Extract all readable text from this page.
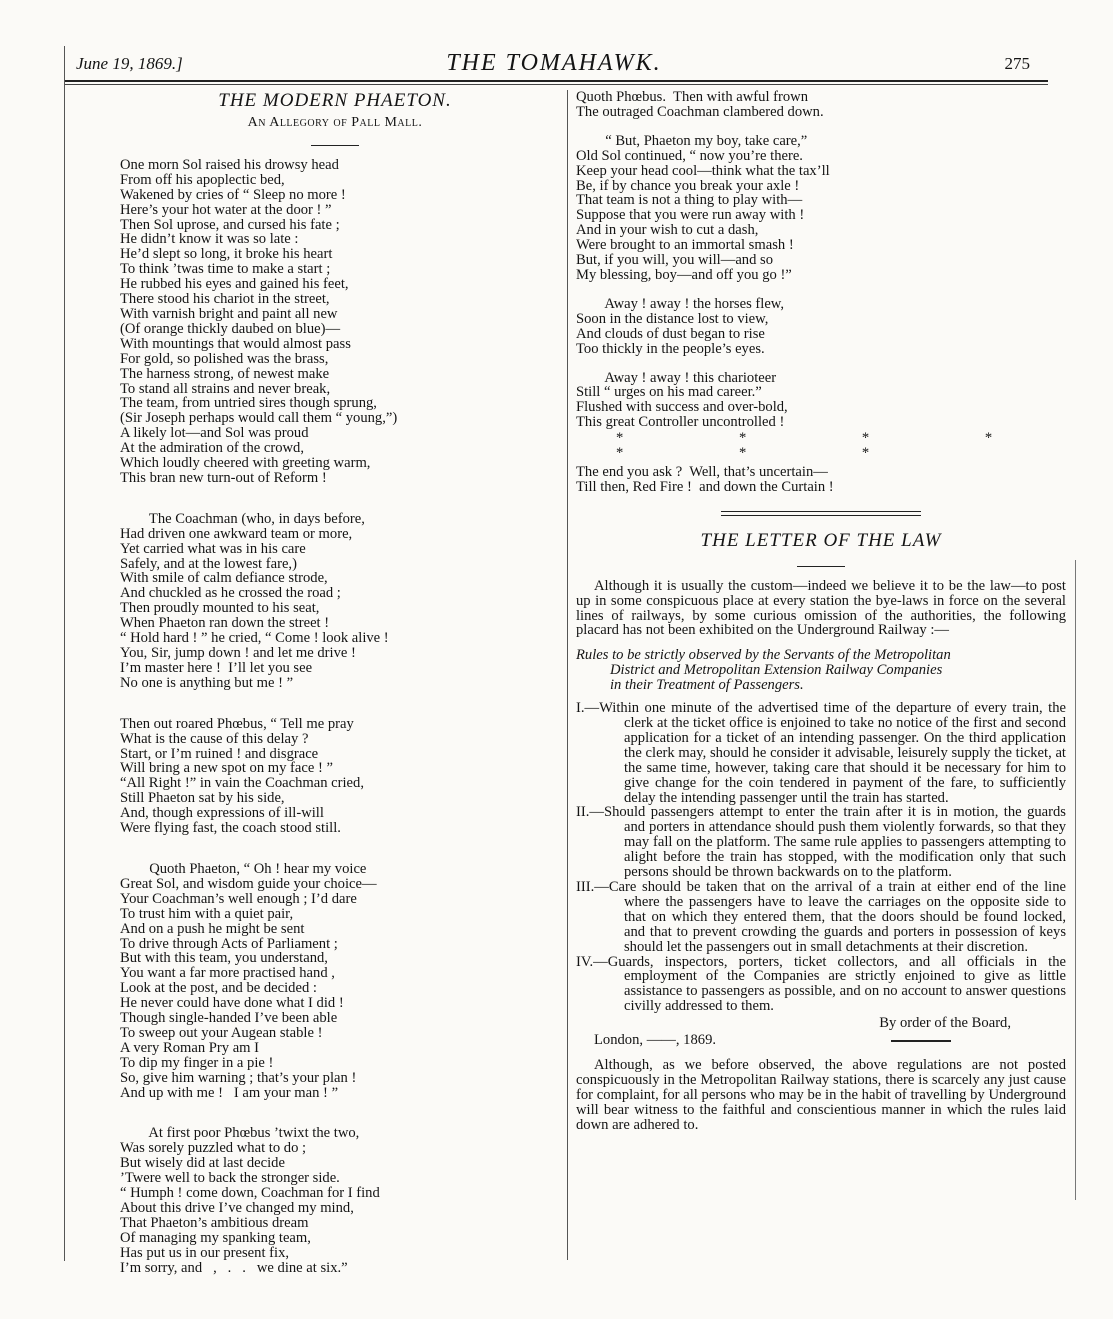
June 19, 1869.]	THE TOMAHAWK.	275
THE MODERN PHAETON.
An Allegory of Pall Mall.
One morn Sol raised his drowsy head
From off his apoplectic bed,
Wakened by cries of “ Sleep no more !
Here’s your hot water at the door ! ”
Then Sol uprose, and cursed his fate ;
He didn’t know it was so late :
He’d slept so long, it broke his heart
To think ’twas time to make a start ;
He rubbed his eyes and gained his feet,
There stood his chariot in the street,
With varnish bright and paint all new
(Of orange thickly daubed on blue)—
With mountings that would almost pass
For gold, so polished was the brass,
The harness strong, of newest make
To stand all strains and never break,
The team, from untried sires though sprung,
(Sir Joseph perhaps would call them “ young,”)
A likely lot—and Sol was proud
At the admiration of the crowd,
Which loudly cheered with greeting warm,
This bran new turn-out of Reform !
The Coachman (who, in days before,
Had driven one awkward team or more,
Yet carried what was in his care
Safely, and at the lowest fare,)
With smile of calm defiance strode,
And chuckled as he crossed the road ;
Then proudly mounted to his seat,
When Phaeton ran down the street !
“ Hold hard ! ” he cried, “ Come ! look alive !
You, Sir, jump down ! and let me drive !
I’m master here !  I’ll let you see
No one is anything but me ! ”
Then out roared Phœbus, “ Tell me pray
What is the cause of this delay ?
Start, or I’m ruined ! and disgrace
Will bring a new spot on my face ! ”
“All Right !” in vain the Coachman cried,
Still Phaeton sat by his side,
And, though expressions of ill-will
Were flying fast, the coach stood still.
Quoth Phaeton, “ Oh ! hear my voice
Great Sol, and wisdom guide your choice—
Your Coachman’s well enough ; I’d dare
To trust him with a quiet pair,
And on a push he might be sent
To drive through Acts of Parliament ;
But with this team, you understand,
You want a far more practised hand ,
Look at the post, and be decided :
He never could have done what I did !
Though single-handed I’ve been able
To sweep out your Augean stable !
A very Roman Pry am I
To dip my finger in a pie !
So, give him warning ; that’s your plan !
And up with me !   I am your man ! ”
At first poor Phœbus ’twixt the two,
Was sorely puzzled what to do ;
But wisely did at last decide
’Twere well to back the stronger side.
“ Humph ! come down, Coachman for I find
About this drive I’ve changed my mind,
That Phaeton’s ambitious dream
Of managing my spanking team,
Has put us in our present fix,
I’m sorry, and   ,   .   .   we dine at six.”
Quoth Phœbus.  Then with awful frown
The outraged Coachman clambered down.
“ But, Phaeton my boy, take care,”
Old Sol continued, “ now you’re there.
Keep your head cool—think what the tax’ll
Be, if by chance you break your axle !
That team is not a thing to play with—
Suppose that you were run away with !
And in your wish to cut a dash,
Were brought to an immortal smash !
But, if you will, you will—and so
My blessing, boy—and off you go !”
Away ! away ! the horses flew,
Soon in the distance lost to view,
And clouds of dust began to rise
Too thickly in the people’s eyes.
Away ! away ! this charioteer
Still “ urges on his mad career.”
Flushed with success and over-bold,
This great Controller uncontrolled !
* * * * * * *
The end you ask ?  Well, that’s uncertain—
Till then, Red Fire !  and down the Curtain !
THE LETTER OF THE LAW

Although it is usually the custom—indeed we believe it to be the law—to post up in some conspicuous place at every station the bye-laws in force on the several lines of railways, by some curious omission of the authorities, the following placard has not been exhibited on the Underground Railway :—

Rules to be strictly observed by the Servants of the Metropolitan
District and Metropolitan Extension Railway Companies
in their Treatment of Passengers.

I.—Within one minute of the advertised time of the departure of every train, the clerk at the ticket office is enjoined to take no notice of the first and second application for a ticket of an intending passenger. On the third application the clerk may, should he consider it advisable, leisurely supply the ticket, at the same time, however, taking care that should it be necessary for him to give change for the coin tendered in payment of the fare, to sufficiently delay the intending passenger until the train has started.

II.—Should passengers attempt to enter the train after it is in motion, the guards and porters in attendance should push them violently forwards, so that they may fall on the platform. The same rule applies to passengers attempting to alight before the train has stopped, with the modification only that such persons should be thrown backwards on to the platform.

III.—Care should be taken that on the arrival of a train at either end of the line where the passengers have to leave the carriages on the opposite side to that on which they entered them, that the doors should be found locked, and that to prevent crowding the guards and porters in possession of keys should let the passengers out in small detachments at their discretion.

IV.—Guards, inspectors, porters, ticket collectors, and all officials in the employment of the Companies are strictly enjoined to give as little assistance to passengers as possible, and on no account to answer questions civilly addressed to them.

By order of the Board,
London, ——, 1869.

Although, as we before observed, the above regulations are not posted conspicuously in the Metropolitan Railway stations, there is scarcely any just cause for complaint, for all persons who may be in the habit of travelling by Underground will bear witness to the faithful and conscientious manner in which the rules laid down are adhered to.
